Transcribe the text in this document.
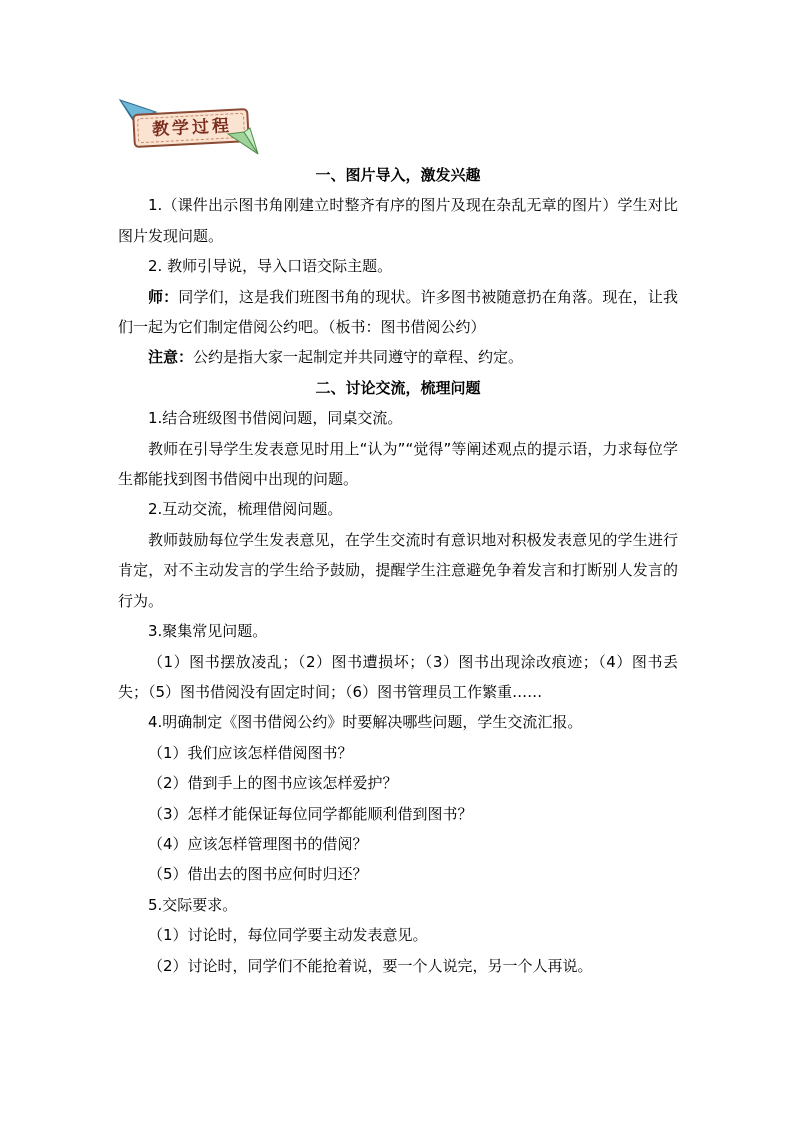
教学过程

一、图片导入，激发兴趣

1.（课件出示图书角刚建立时整齐有序的图片及现在杂乱无章的图片）学生对比图片发现问题。

2. 教师引导说，导入口语交际主题。

师：同学们，这是我们班图书角的现状。许多图书被随意扔在角落。现在，让我们一起为它们制定借阅公约吧。（板书：图书借阅公约）

注意：公约是指大家一起制定并共同遵守的章程、约定。

二、讨论交流，梳理问题

1.结合班级图书借阅问题，同桌交流。

教师在引导学生发表意见时用上“认为”“觉得”等阐述观点的提示语，力求每位学生都能找到图书借阅中出现的问题。

2.互动交流，梳理借阅问题。

教师鼓励每位学生发表意见，在学生交流时有意识地对积极发表意见的学生进行肯定，对不主动发言的学生给予鼓励，提醒学生注意避免争着发言和打断别人发言的行为。

3.聚集常见问题。

（1）图书摆放凌乱；（2）图书遭损坏；（3）图书出现涂改痕迹；（4）图书丢失；（5）图书借阅没有固定时间；（6）图书管理员工作繁重……

4.明确制定《图书借阅公约》时要解决哪些问题，学生交流汇报。

（1）我们应该怎样借阅图书？

（2）借到手上的图书应该怎样爱护？

（3）怎样才能保证每位同学都能顺利借到图书？

（4）应该怎样管理图书的借阅？

（5）借出去的图书应何时归还？

5.交际要求。

（1）讨论时，每位同学要主动发表意见。

（2）讨论时，同学们不能抢着说，要一个人说完，另一个人再说。
